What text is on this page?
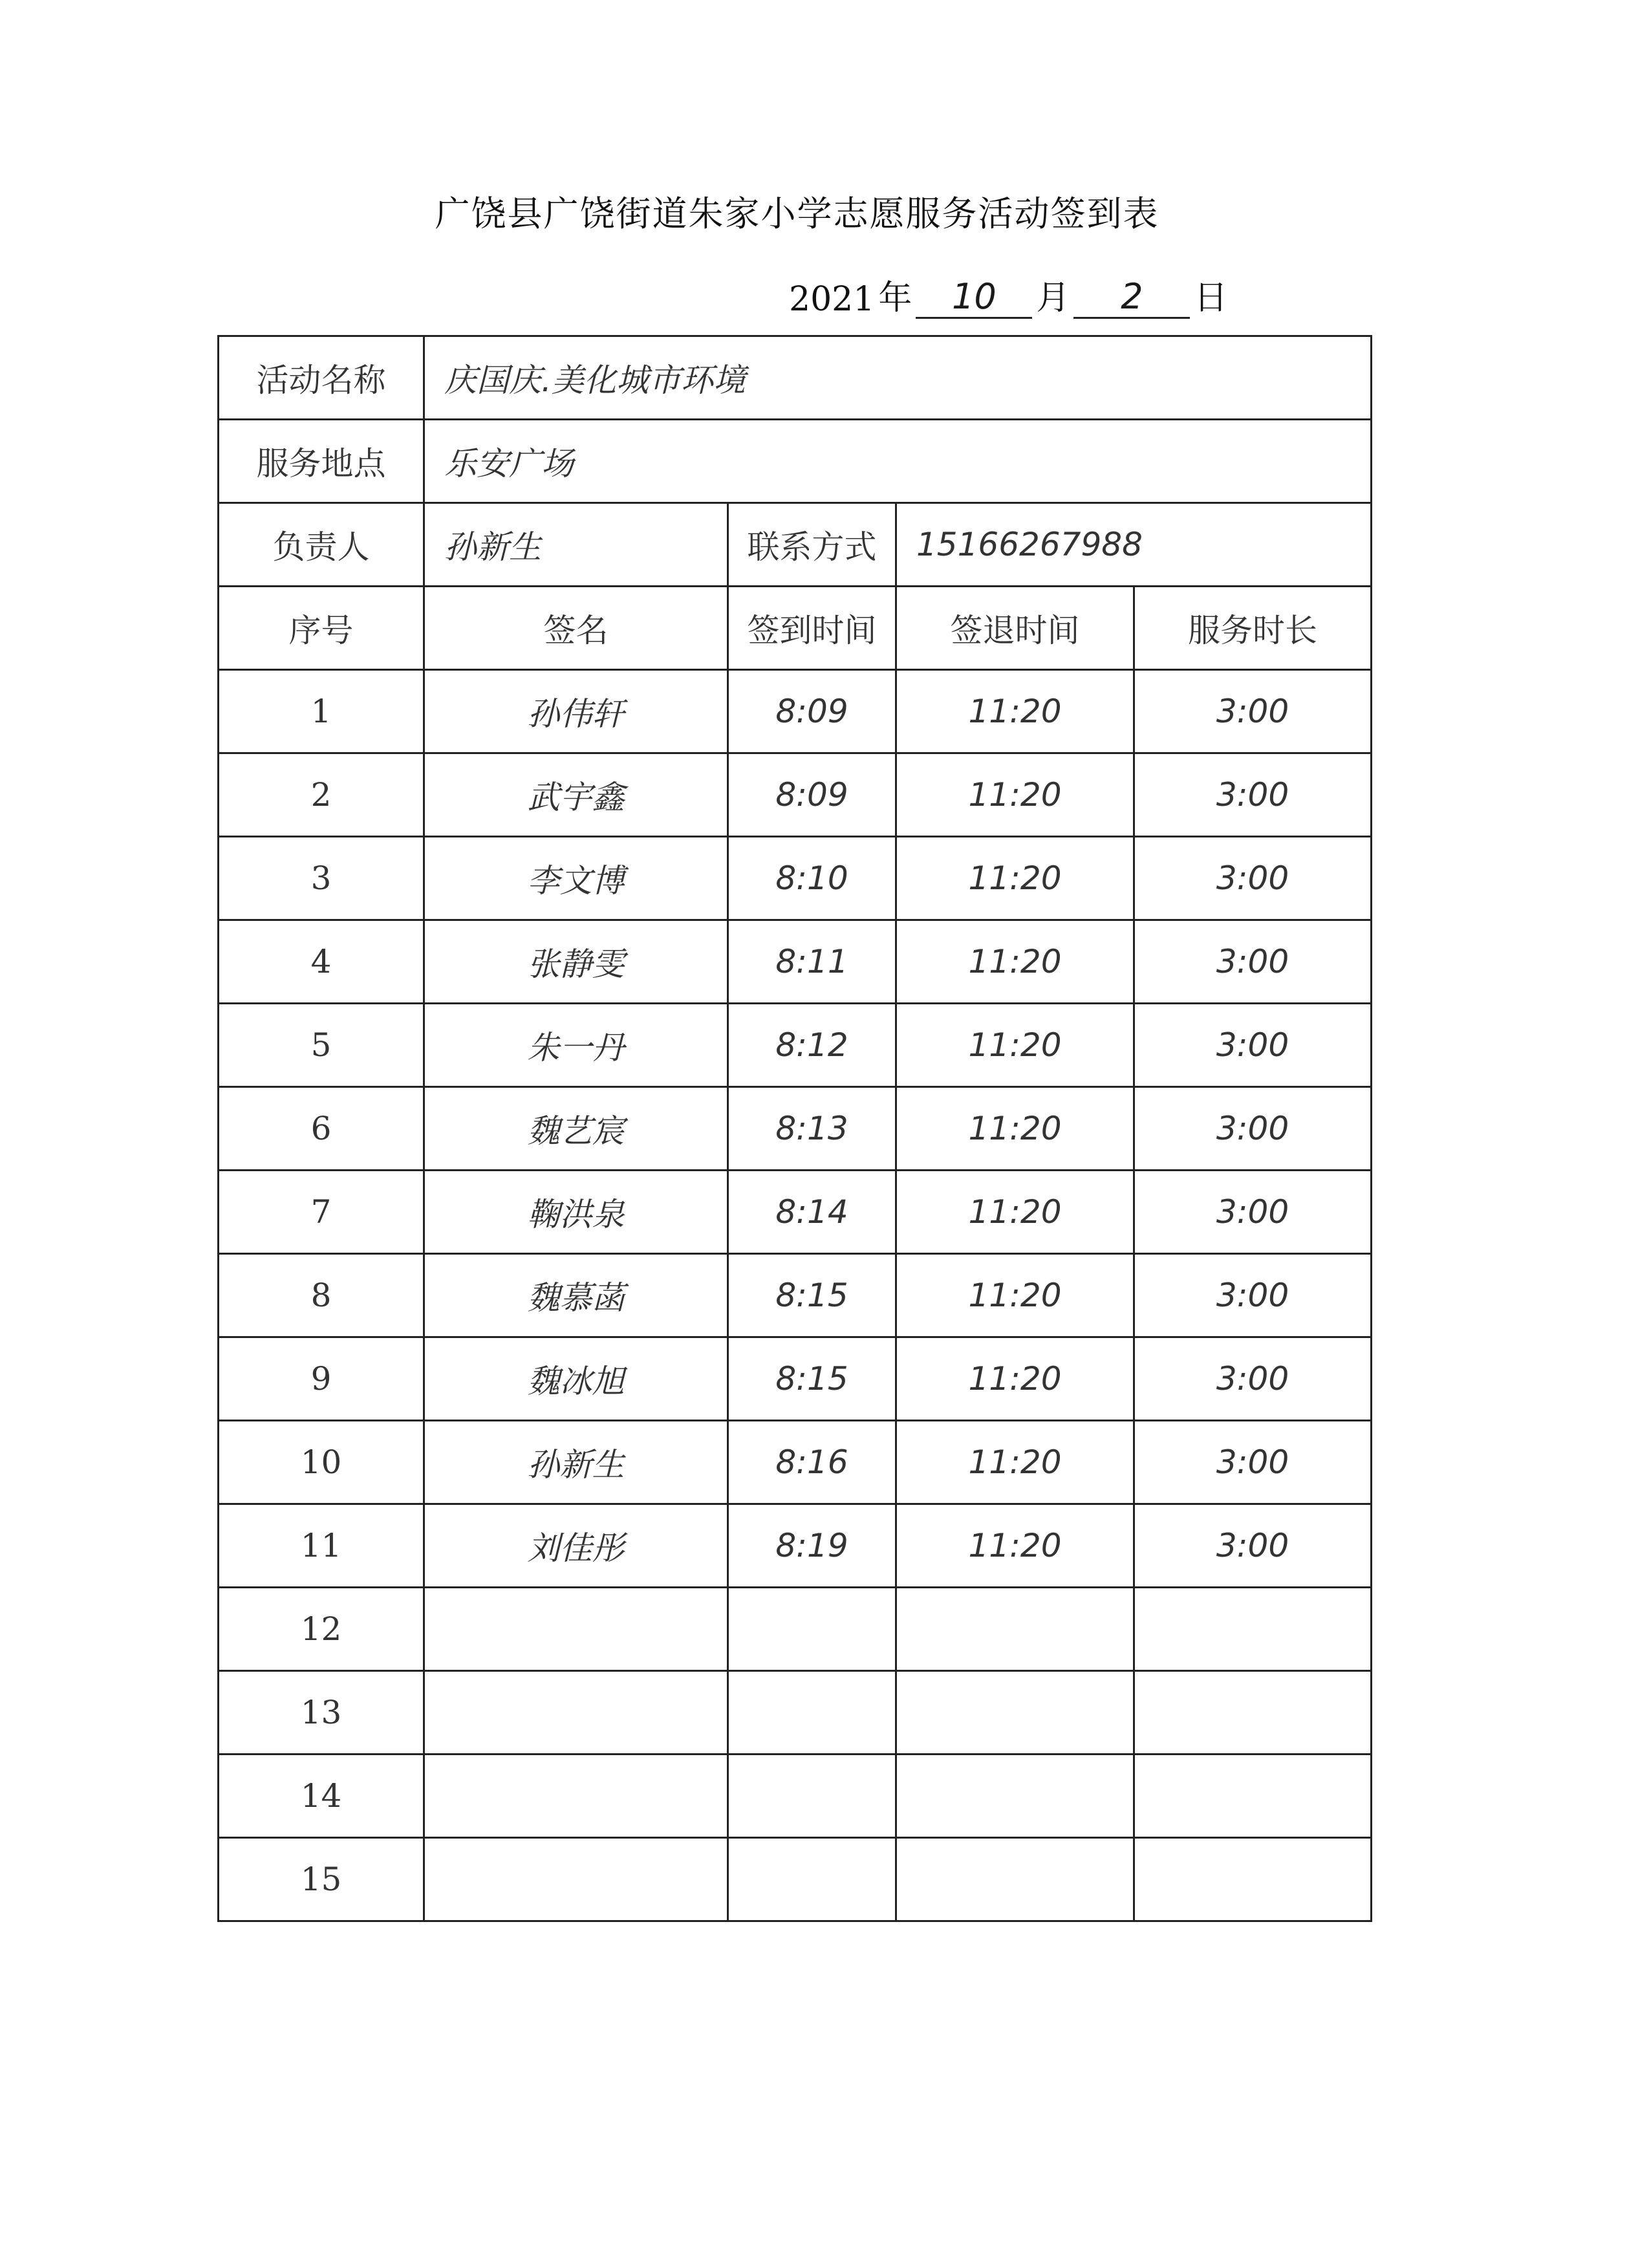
广饶县广饶街道朱家小学志愿服务活动签到表
2021 年	10	月	2	日
活动名称	庆国庆.美化城市环境			
服务地点	乐安广场			
负责人	孙新生	联系方式	15166267988	
序号	签名	签到时间	签退时间	服务时长
1	孙伟轩	8:09	11:20	3:00
2	武宇鑫	8:09	11:20	3:00
3	李文博	8:10	11:20	3:00
4	张静雯	8:11	11:20	3:00
5	朱一丹	8:12	11:20	3:00
6	魏艺宸	8:13	11:20	3:00
7	鞠洪泉	8:14	11:20	3:00
8	魏慕菡	8:15	11:20	3:00
9	魏冰旭	8:15	11:20	3:00
10	孙新生	8:16	11:20	3:00
11	刘佳彤	8:19	11:20	3:00
12				
13				
14				
15				
